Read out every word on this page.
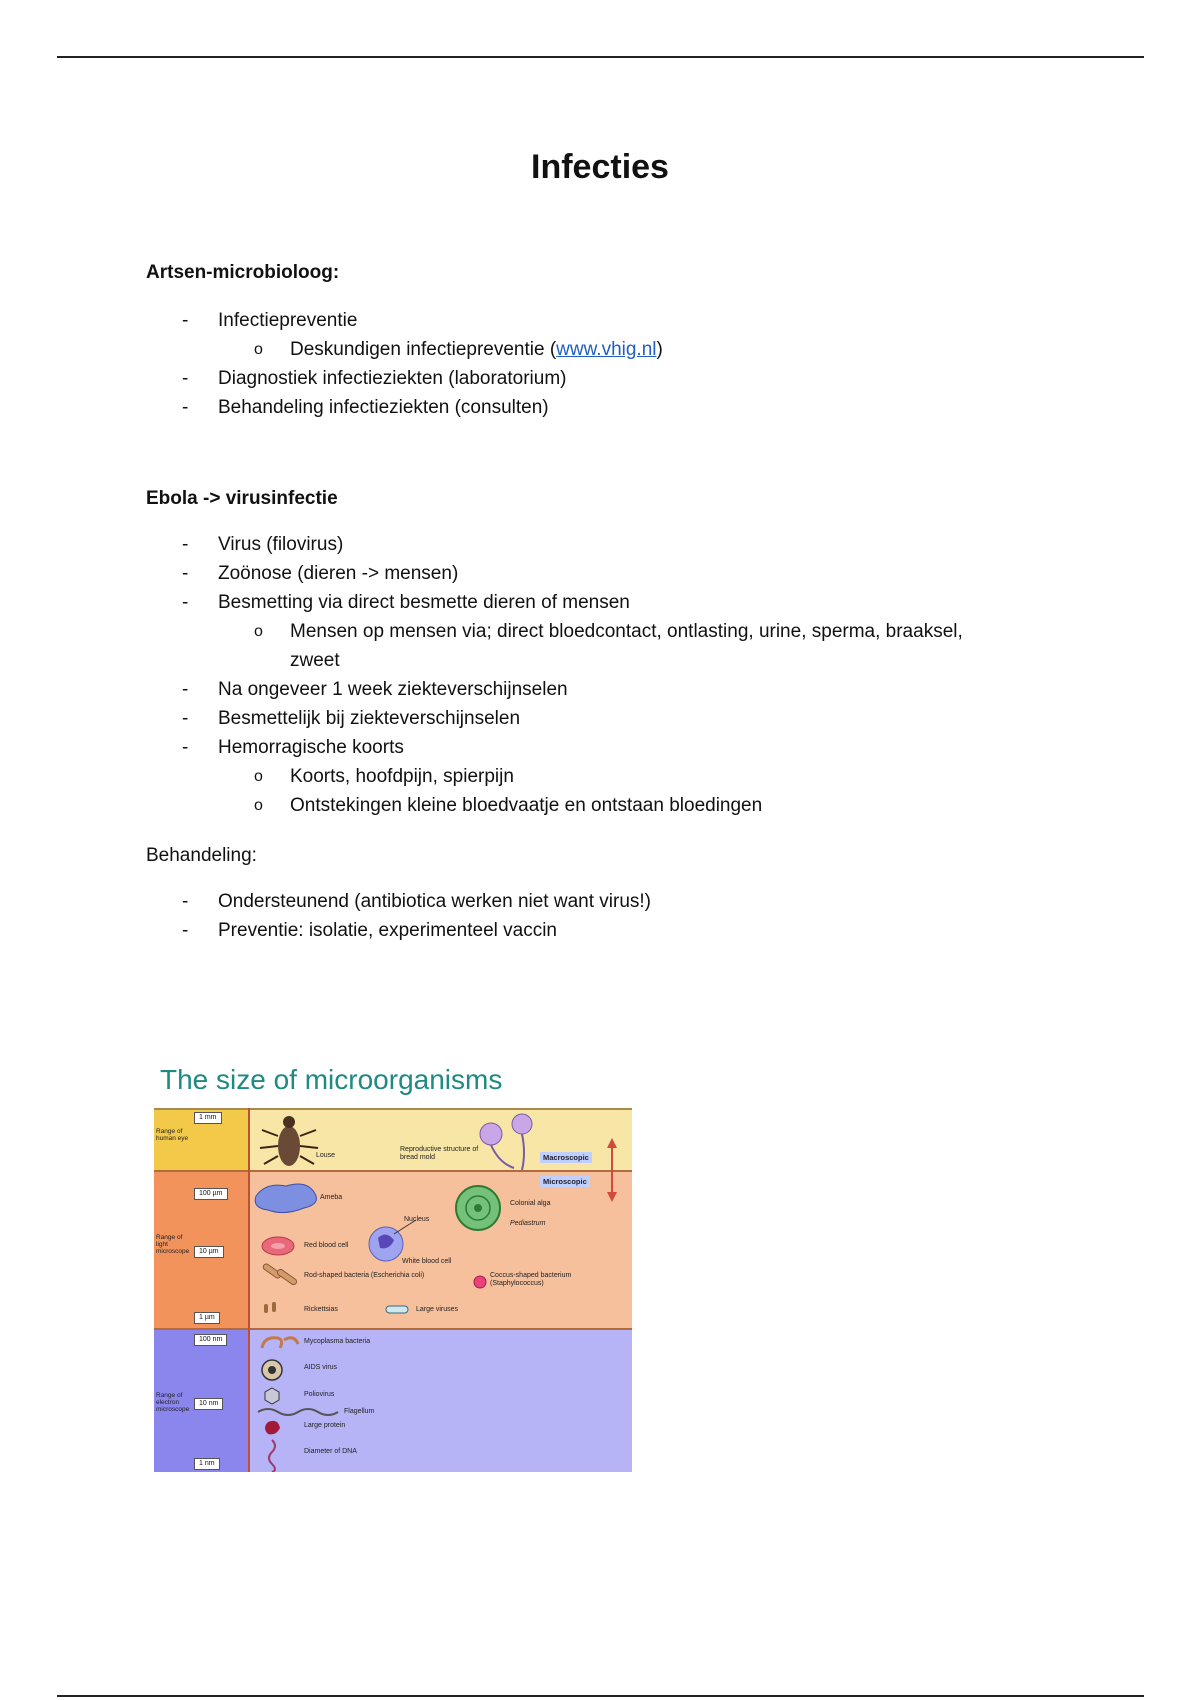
Infecties

Artsen-microbioloog:

- Infectiepreventie
o Deskundigen infectiepreventie (www.vhig.nl)
- Diagnostiek infectieziekten (laboratorium)
- Behandeling infectieziekten (consulten)

Ebola -> virusinfectie

- Virus (filovirus)
- Zoönose (dieren -> mensen)
- Besmetting via direct besmette dieren of mensen
o Mensen op mensen via; direct bloedcontact, ontlasting, urine, sperma, braaksel,
zweet
- Na ongeveer 1 week ziekteverschijnselen
- Besmettelijk bij ziekteverschijnselen
- Hemorragische koorts
o Koorts, hoofdpijn, spierpijn
o Ontstekingen kleine bloedvaatje en ontstaan bloedingen

Behandeling:

- Ondersteunend (antibiotica werken niet want virus!)
- Preventie: isolatie, experimenteel vaccin

The size of microorganisms

1 mm
100 µm
10 µm
1 µm
100 nm
10 nm
1 nm
Range of human eye
Range of light microscope
Range of electron microscope
Macroscopic
Microscopic
Louse
Reproductive structure of bread mold
Ameba
Colonial alga
Pediastrum
Nucleus
Red blood cell
White blood cell
Rod-shaped bacteria (Escherichia coli)	Coccus-shaped bacterium (Staphylococcus)
Rickettsias	Large viruses
Mycoplasma bacteria
AIDS virus
Poliovirus
Flagellum
Large protein
Diameter of DNA
